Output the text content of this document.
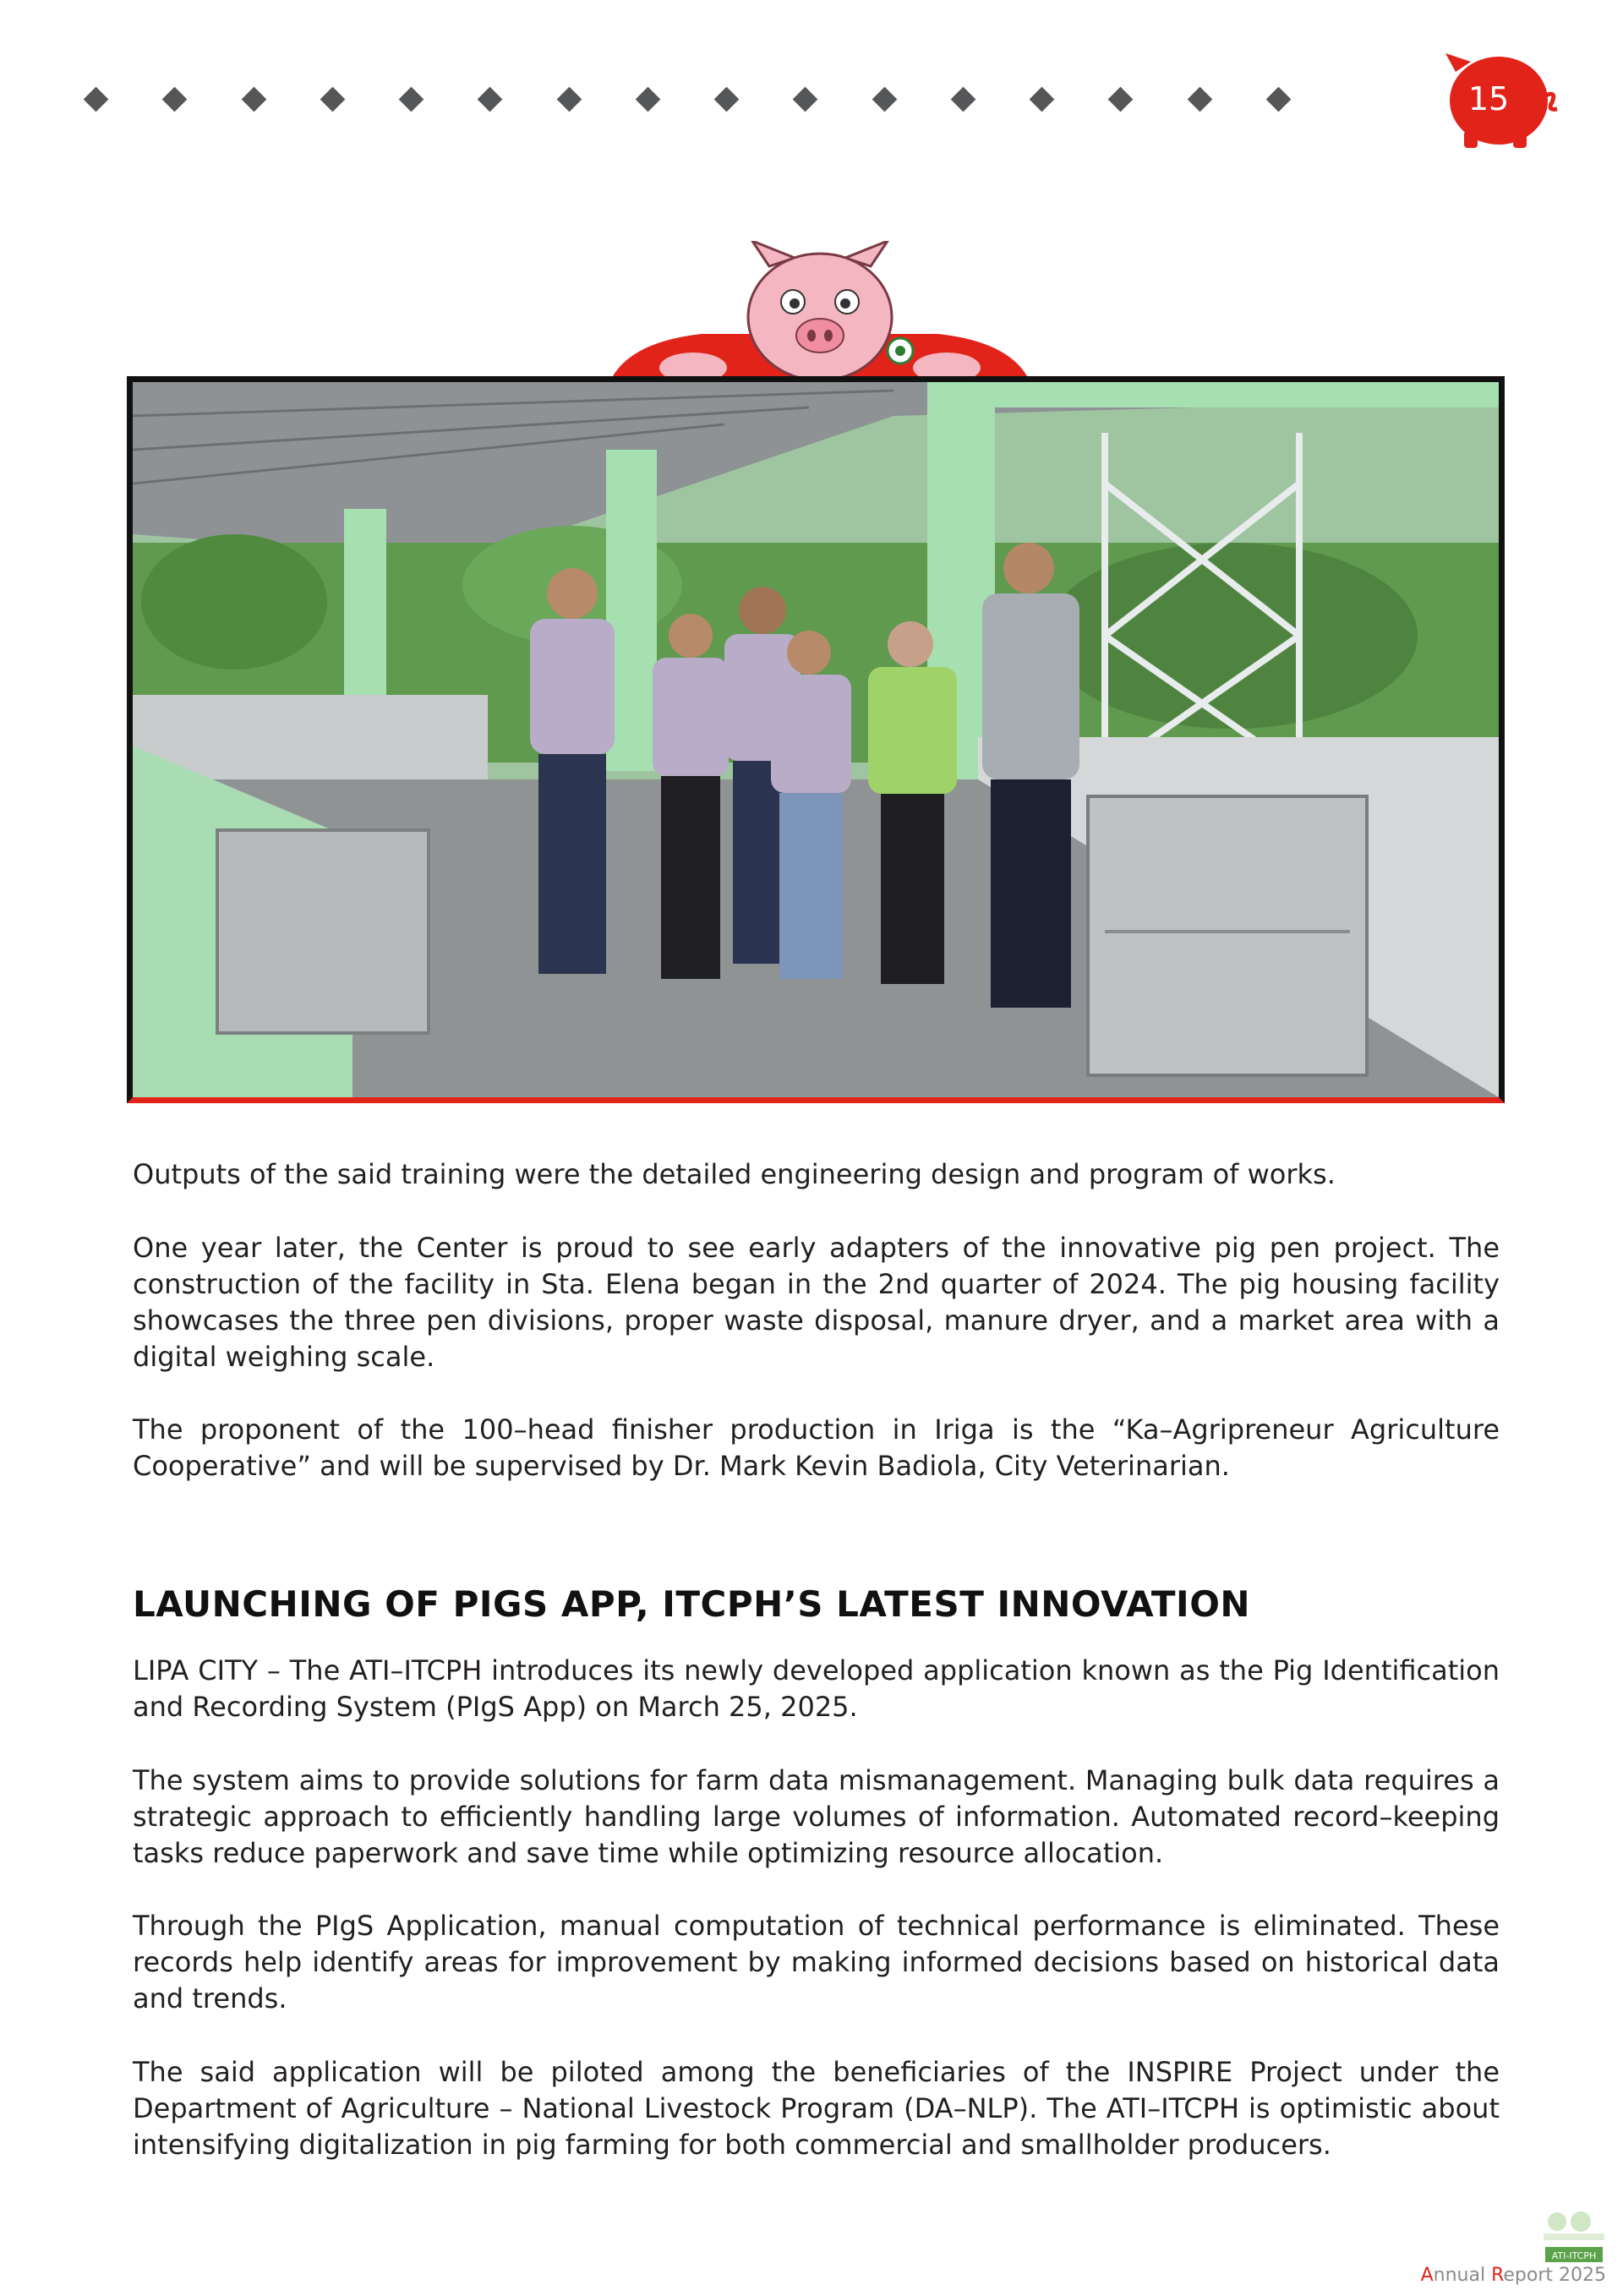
15

Outputs of the said training were the detailed engineering design and program of works.

One year later, the Center is proud to see early adapters of the innovative pig pen project. The construction of the facility in Sta. Elena began in the 2nd quarter of 2024. The pig housing facility showcases the three pen divisions, proper waste disposal, manure dryer, and a market area with a digital weighing scale.

The proponent of the 100–head finisher production in Iriga is the “Ka–Agripreneur Agriculture Cooperative” and will be supervised by Dr. Mark Kevin Badiola, City Veterinarian.

LAUNCHING OF PIGS APP, ITCPH’S LATEST INNOVATION

LIPA CITY – The ATI–ITCPH introduces its newly developed application known as the Pig Identification and Recording System (PIgS App) on March 25, 2025.

The system aims to provide solutions for farm data mismanagement. Managing bulk data requires a strategic approach to efficiently handling large volumes of information. Automated record–keeping tasks reduce paperwork and save time while optimizing resource allocation.

Through the PIgS Application, manual computation of technical performance is eliminated. These records help identify areas for improvement by making informed decisions based on historical data and trends.

The said application will be piloted among the beneficiaries of the INSPIRE Project under the Department of Agriculture – National Livestock Program (DA–NLP). The ATI–ITCPH is optimistic about intensifying digitalization in pig farming for both commercial and smallholder producers.

ATI-ITCPH
Annual Report 2025
